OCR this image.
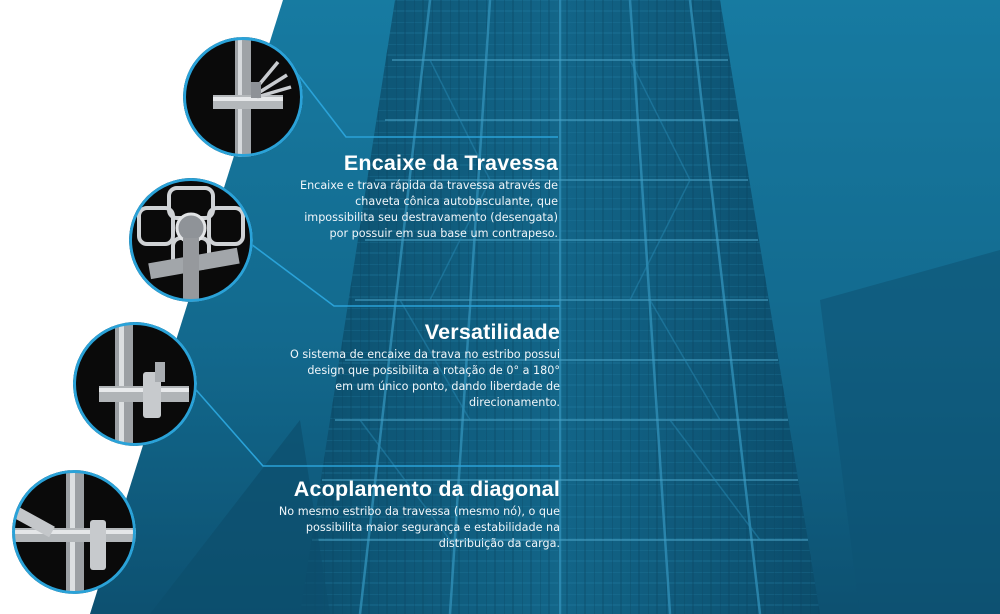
Encaixe da Travessa

Encaixe e trava rápida da travessa através de chaveta cônica autobasculante, que impossibilita seu destravamento (desengata) por possuir em sua base um contrapeso.

Versatilidade

O sistema de encaixe da trava no estribo possui design que possibilita a rotação de 0° a 180° em um único ponto, dando liberdade de direcionamento.

Acoplamento da diagonal

No mesmo estribo da travessa (mesmo nó), o que possibilita maior segurança e estabilidade na distribuição da carga.
